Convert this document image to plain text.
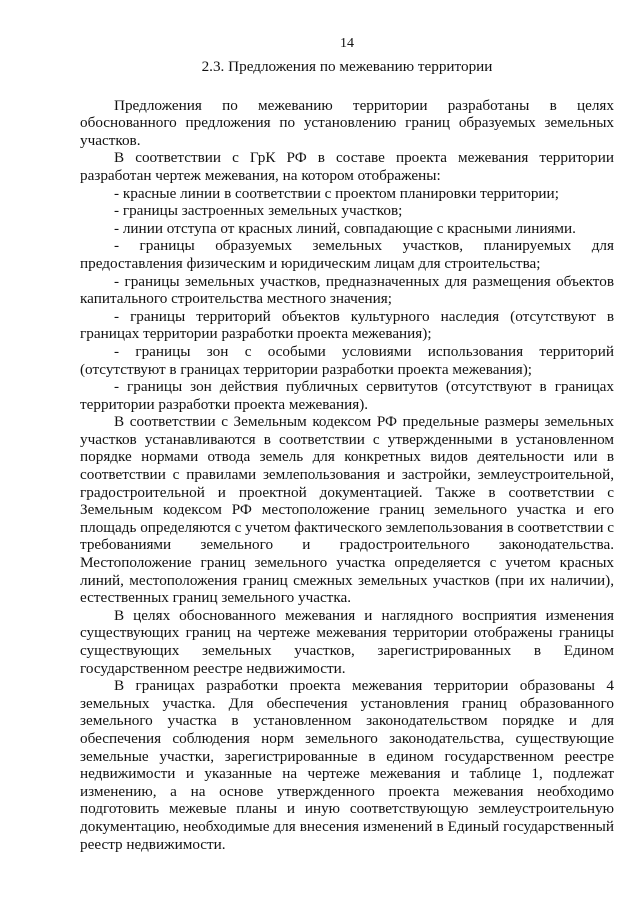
14
2.3. Предложения по межеванию территории

Предложения по межеванию территории разработаны в целях обоснованного предложения по установлению границ образуемых земельных участков.

В соответствии с ГрК РФ в составе проекта межевания территории разработан чертеж межевания, на котором отображены:

- красные линии в соответствии с проектом планировки территории;

- границы застроенных земельных участков;

- линии отступа от красных линий, совпадающие с красными линиями.

- границы образуемых земельных участков, планируемых для предоставления физическим и юридическим лицам для строительства;

- границы земельных участков, предназначенных для размещения объектов капитального строительства местного значения;

- границы территорий объектов культурного наследия (отсутствуют в границах территории разработки проекта межевания);

- границы зон с особыми условиями использования территорий (отсутствуют в границах территории разработки проекта межевания);

- границы зон действия публичных сервитутов (отсутствуют в границах территории разработки проекта межевания).

В соответствии с Земельным кодексом РФ предельные размеры земельных участков устанавливаются в соответствии с утвержденными в установленном порядке нормами отвода земель для конкретных видов деятельности или в соответствии с правилами землепользования и застройки, землеустроительной, градостроительной и проектной документацией. Также в соответствии с Земельным кодексом РФ местоположение границ земельного участка и его площадь определяются с учетом фактического землепользования в соответствии с требованиями земельного и градостроительного законодательства. Местоположение границ земельного участка определяется с учетом красных линий, местоположения границ смежных земельных участков (при их наличии), естественных границ земельного участка.

В целях обоснованного межевания и наглядного восприятия изменения существующих границ на чертеже межевания территории отображены границы существующих земельных участков, зарегистрированных в Едином государственном реестре недвижимости.

В границах разработки проекта межевания территории образованы 4 земельных участка. Для обеспечения установления границ образованного земельного участка в установленном законодательством порядке и для обеспечения соблюдения норм земельного законодательства, существующие земельные участки, зарегистрированные в едином государственном реестре недвижимости и указанные на чертеже межевания и таблице 1, подлежат изменению, а на основе утвержденного проекта межевания необходимо подготовить межевые планы и иную соответствующую землеустроительную документацию, необходимые для внесения изменений в Единый государственный реестр недвижимости.
